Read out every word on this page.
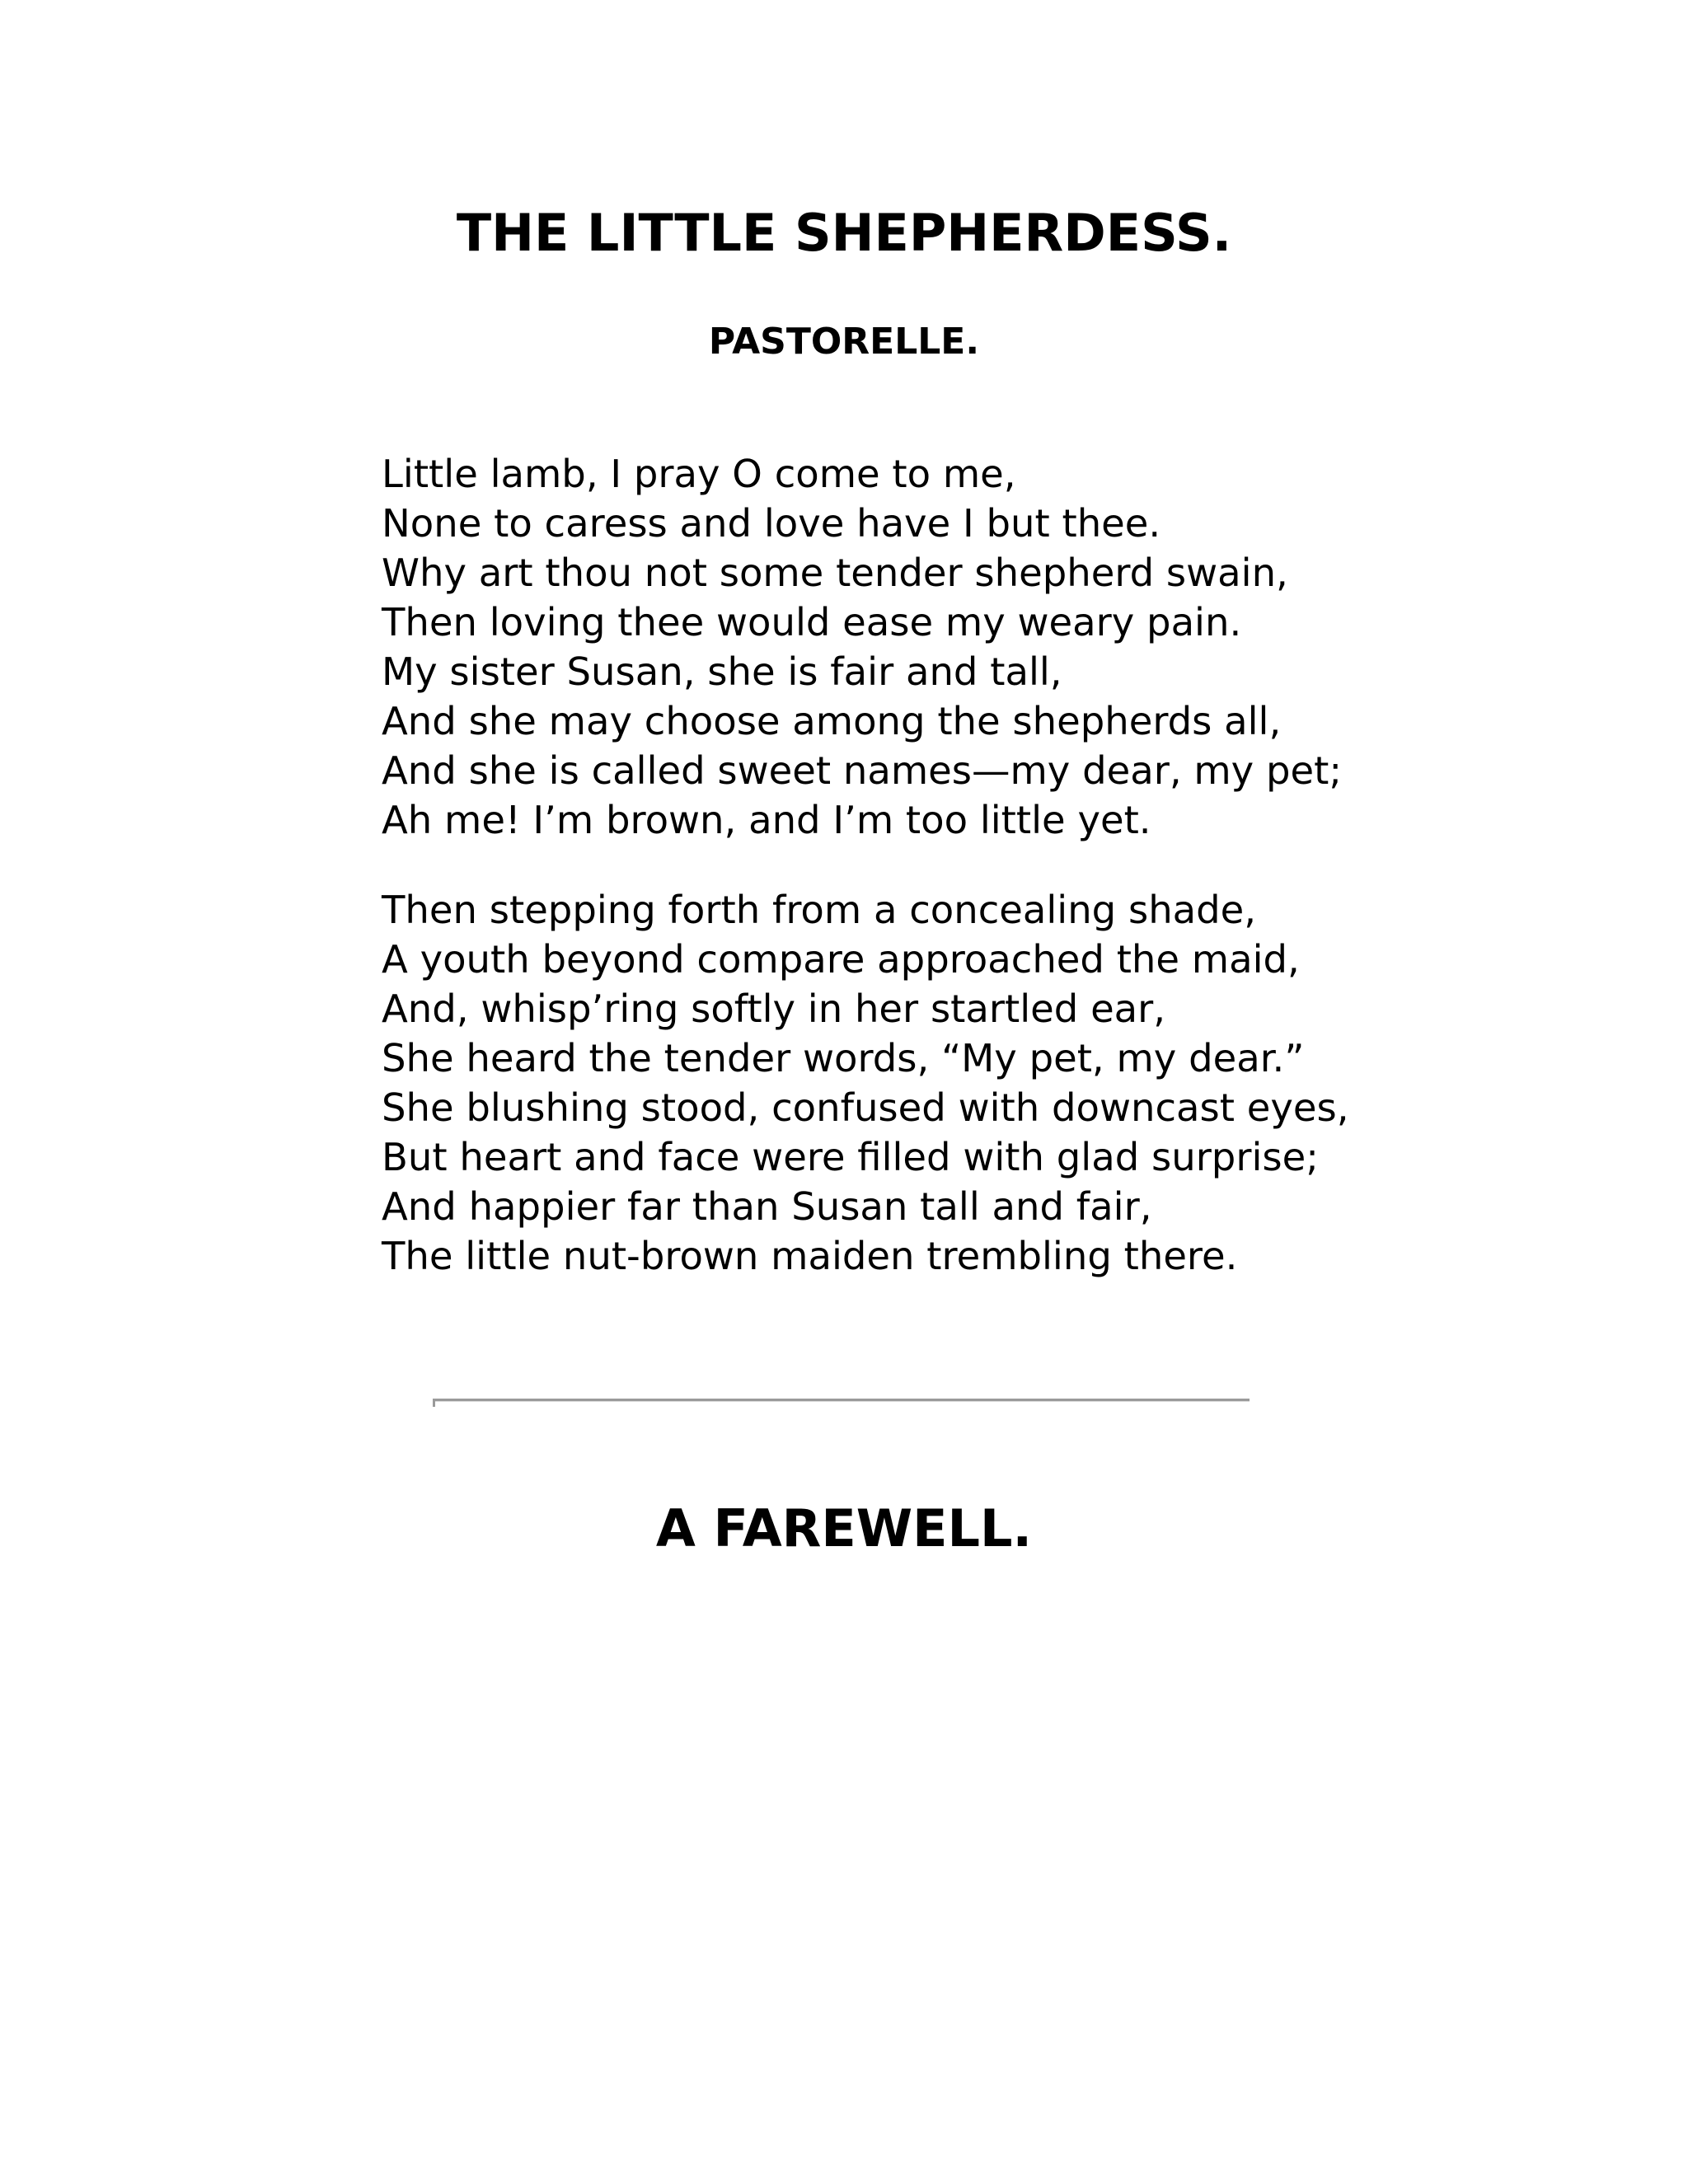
THE LITTLE SHEPHERDESS.
PASTORELLE.
Little lamb, I pray O come to me,
None to caress and love have I but thee.
Why art thou not some tender shepherd swain,
Then loving thee would ease my weary pain.
My sister Susan, she is fair and tall,
And she may choose among the shepherds all,
And she is called sweet names—my dear, my pet;
Ah me! I’m brown, and I’m too little yet.
Then stepping forth from a concealing shade,
A youth beyond compare approached the maid,
And, whisp’ring softly in her startled ear,
She heard the tender words, “My pet, my dear.”
She blushing stood, confused with downcast eyes,
But heart and face were filled with glad surprise;
And happier far than Susan tall and fair,
The little nut-brown maiden trembling there.
A FAREWELL.
